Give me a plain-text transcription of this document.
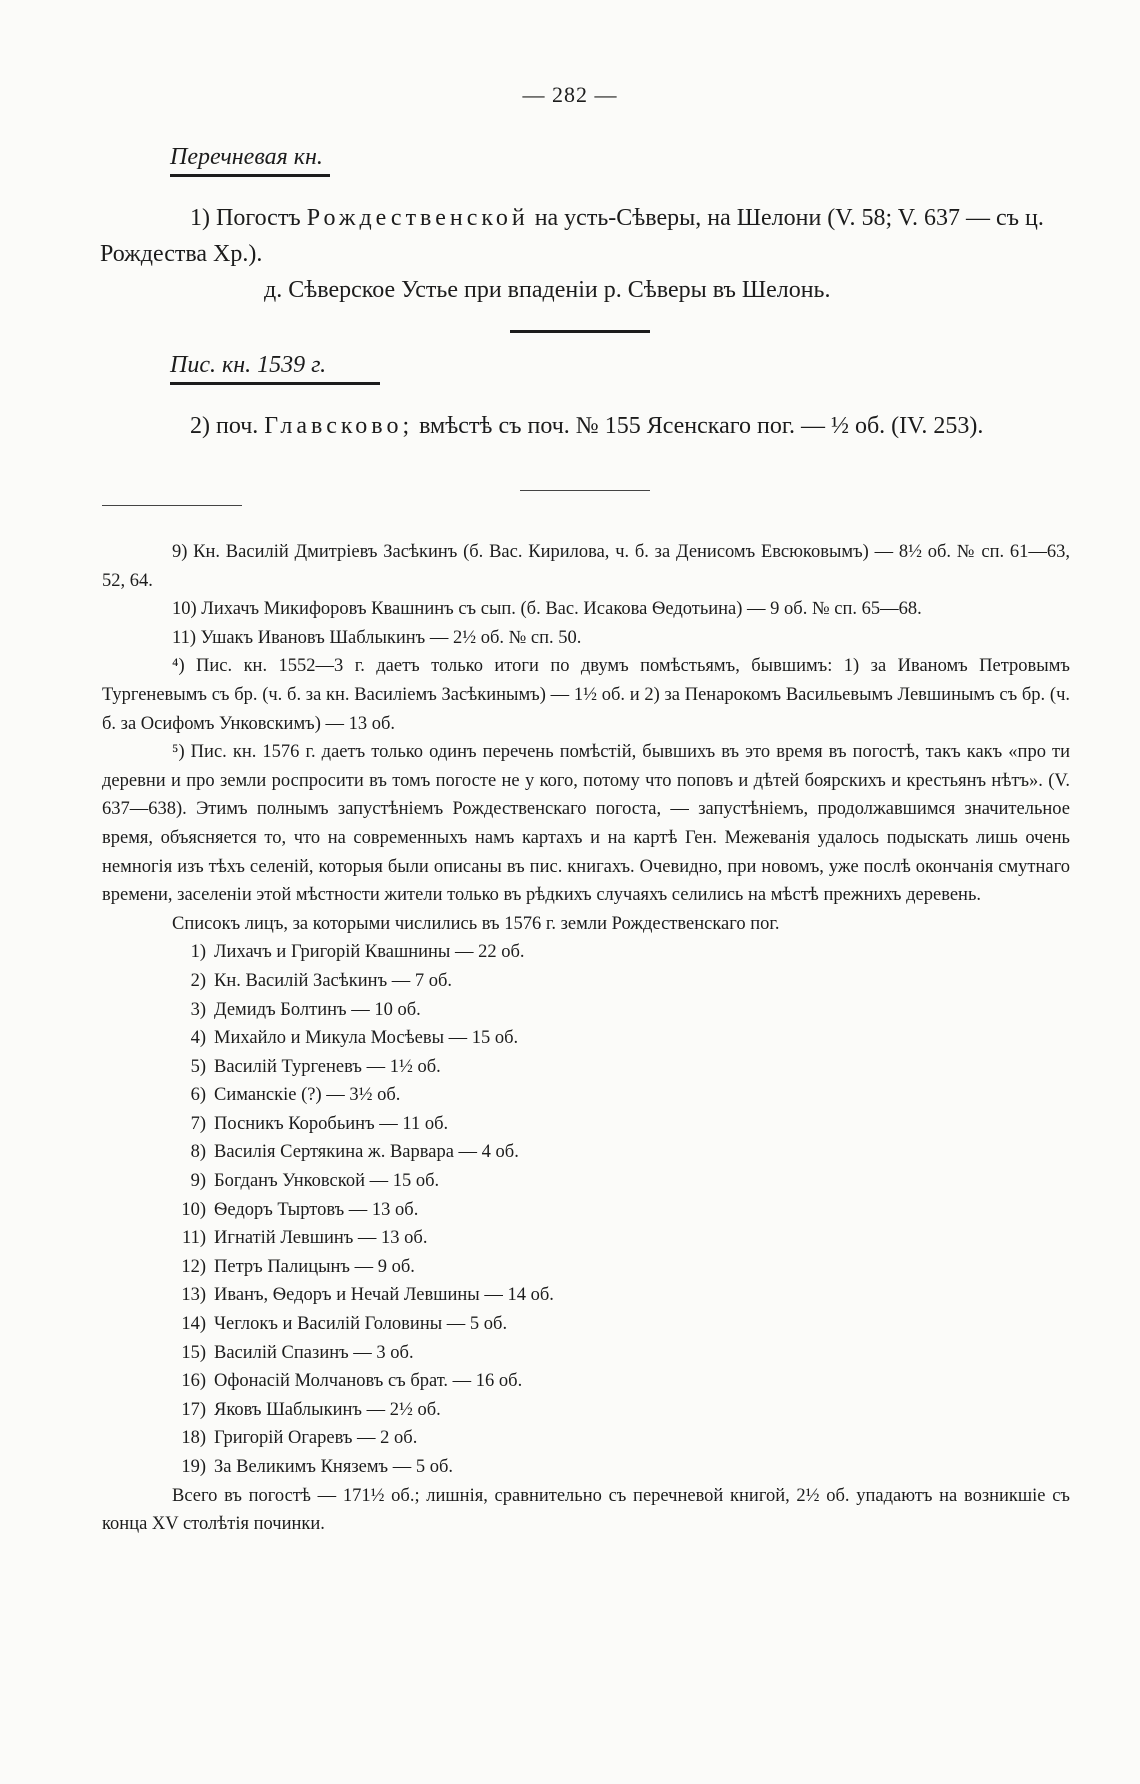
— 282 —
Перечневая кн.

1) Погостъ Рождественской на усть-Сѣверы, на Шелони (V. 58; V. 637 — съ ц. Рождества Хр.).

д. Сѣверское Устье при впаденіи р. Сѣверы въ Шелонь.

Пис. кн. 1539 г.

2) поч. Главсково; вмѣстѣ съ поч. № 155 Ясенскаго пог. — ½ об. (IV. 253).

9) Кн. Василій Дмитріевъ Засѣкинъ (б. Вас. Кирилова, ч. б. за Денисомъ Евсюковымъ) — 8½ об. № сп. 61—63, 52, 64.

10) Лихачъ Микифоровъ Квашнинъ съ сып. (б. Вас. Исакова Ѳедотьина) — 9 об. № сп. 65—68.

11) Ушакъ Ивановъ Шаблыкинъ — 2½ об. № сп. 50.

⁴) Пис. кн. 1552—3 г. даетъ только итоги по двумъ помѣстьямъ, бывшимъ: 1) за Иваномъ Петровымъ Тургеневымъ съ бр. (ч. б. за кн. Василіемъ Засѣкинымъ) — 1½ об. и 2) за Пенарокомъ Васильевымъ Левшинымъ съ бр. (ч. б. за Осифомъ Унковскимъ) — 13 об.

⁵) Пис. кн. 1576 г. даетъ только одинъ перечень помѣстій, бывшихъ въ это время въ погостѣ, такъ какъ «про ти деревни и про земли роспросити въ томъ погосте не у кого, потому что поповъ и дѣтей боярскихъ и крестьянъ нѣтъ». (V. 637—638). Этимъ полнымъ запустѣніемъ Рождественскаго погоста, — запустѣніемъ, продолжавшимся значительное время, объясняется то, что на современныхъ намъ картахъ и на картѣ Ген. Межеванія удалось подыскать лишь очень немногія изъ тѣхъ селеній, которыя были описаны въ пис. книгахъ. Очевидно, при новомъ, уже послѣ окончанія смутнаго времени, заселеніи этой мѣстности жители только въ рѣдкихъ случаяхъ селились на мѣстѣ прежнихъ деревень.

Списокъ лицъ, за которыми числились въ 1576 г. земли Рождественскаго пог.

1) Лихачъ и Григорій Квашнины — 22 об.
2) Кн. Василій Засѣкинъ — 7 об.
3) Демидъ Болтинъ — 10 об.
4) Михайло и Микула Мосѣевы — 15 об.
5) Василій Тургеневъ — 1½ об.
6) Симанскіе (?) — 3½ об.
7) Посникъ Коробьинъ — 11 об.
8) Василія Сертякина ж. Варвара — 4 об.
9) Богданъ Унковской — 15 об.
10) Ѳедоръ Тыртовъ — 13 об.
11) Игнатій Левшинъ — 13 об.
12) Петръ Палицынъ — 9 об.
13) Иванъ, Ѳедоръ и Нечай Левшины — 14 об.
14) Чеглокъ и Василій Головины — 5 об.
15) Василій Спазинъ — 3 об.
16) Офонасій Молчановъ съ брат. — 16 об.
17) Яковъ Шаблыкинъ — 2½ об.
18) Григорій Огаревъ — 2 об.
19) За Великимъ Княземъ — 5 об.

Всего въ погостѣ — 171½ об.; лишнія, сравнительно съ перечневой книгой, 2½ об. упадаютъ на возникшіе съ конца XV столѣтія починки.
